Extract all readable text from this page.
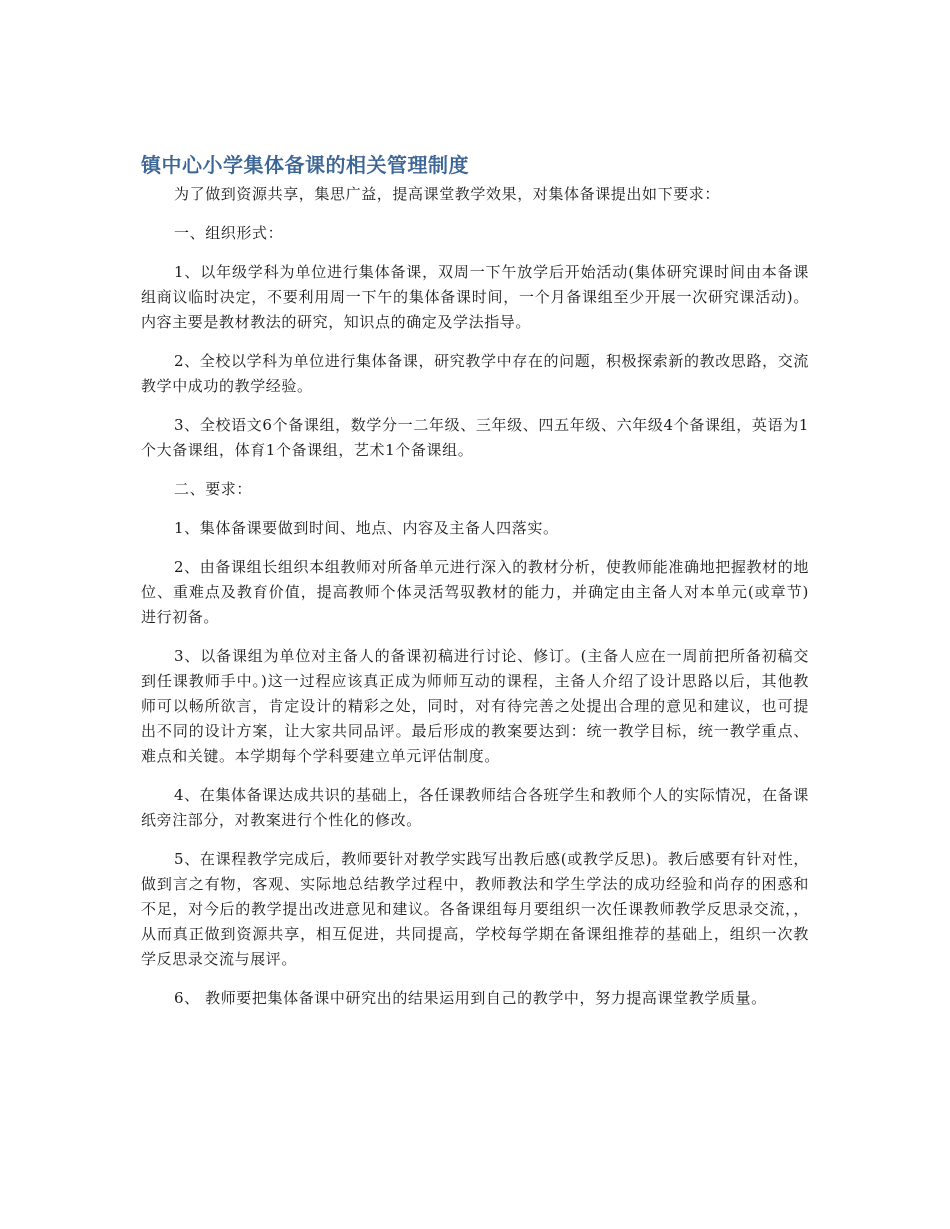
镇中心小学集体备课的相关管理制度

为了做到资源共享，集思广益，提高课堂教学效果，对集体备课提出如下要求：

一、组织形式：

1、以年级学科为单位进行集体备课，双周一下午放学后开始活动(集体研究课时间由本备课组商议临时决定，不要利用周一下午的集体备课时间，一个月备课组至少开展一次研究课活动)。内容主要是教材教法的研究，知识点的确定及学法指导。

2、全校以学科为单位进行集体备课，研究教学中存在的问题，积极探索新的教改思路，交流教学中成功的教学经验。

3、全校语文6个备课组，数学分一二年级、三年级、四五年级、六年级4个备课组，英语为1个大备课组，体育1个备课组，艺术1个备课组。

二、要求：

1、集体备课要做到时间、地点、内容及主备人四落实。

2、由备课组长组织本组教师对所备单元进行深入的教材分析，使教师能准确地把握教材的地位、重难点及教育价值，提高教师个体灵活驾驭教材的能力，并确定由主备人对本单元(或章节)进行初备。

3、以备课组为单位对主备人的备课初稿进行讨论、修订。(主备人应在一周前把所备初稿交到任课教师手中。)这一过程应该真正成为师师互动的课程，主备人介绍了设计思路以后，其他教师可以畅所欲言，肯定设计的精彩之处，同时，对有待完善之处提出合理的意见和建议，也可提出不同的设计方案，让大家共同品评。最后形成的教案要达到：统一教学目标，统一教学重点、难点和关键。本学期每个学科要建立单元评估制度。

4、在集体备课达成共识的基础上，各任课教师结合各班学生和教师个人的实际情况，在备课纸旁注部分，对教案进行个性化的修改。

5、在课程教学完成后，教师要针对教学实践写出教后感(或教学反思)。教后感要有针对性，做到言之有物，客观、实际地总结教学过程中，教师教法和学生学法的成功经验和尚存的困惑和不足，对今后的教学提出改进意见和建议。各备课组每月要组织一次任课教师教学反思录交流，，从而真正做到资源共享，相互促进，共同提高，学校每学期在备课组推荐的基础上，组织一次教学反思录交流与展评。

6、 教师要把集体备课中研究出的结果运用到自己的教学中，努力提高课堂教学质量。
